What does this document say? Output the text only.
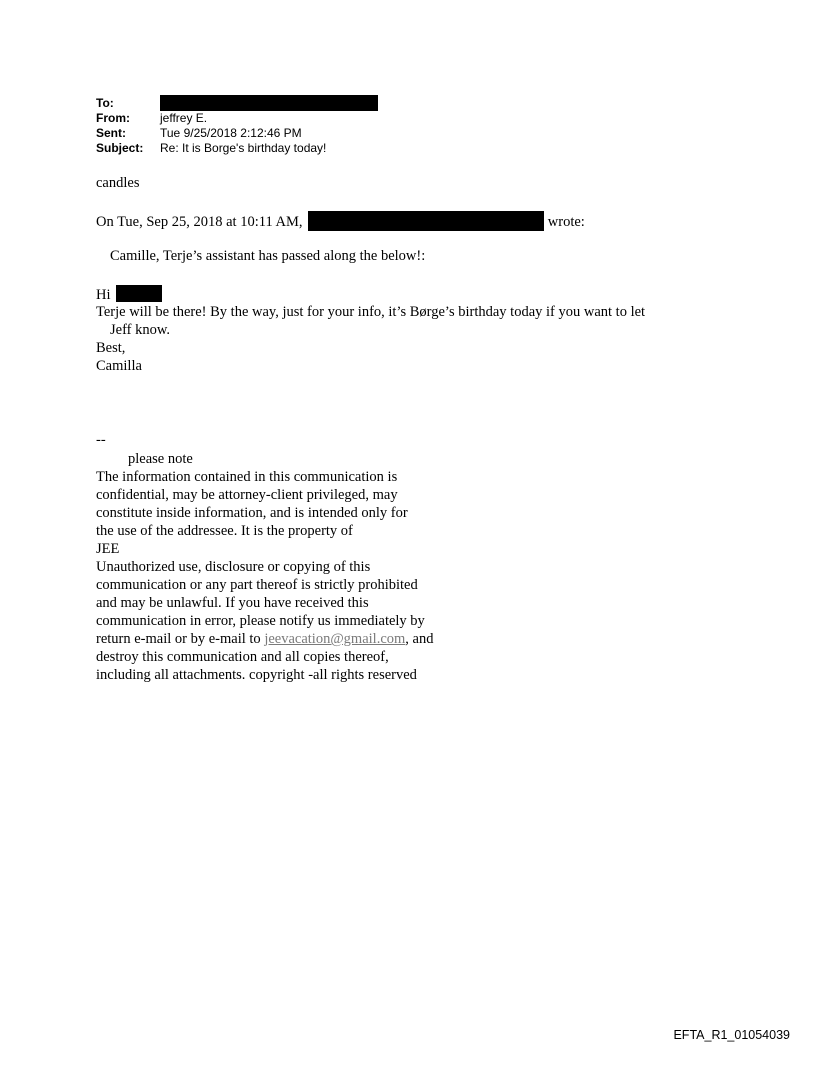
To:
From:	jeffrey E.
Sent:	Tue 9/25/2018 2:12:46 PM
Subject:	Re: It is Borge's birthday today!
candles
On Tue, Sep 25, 2018 at 10:11 AM,	wrote:
Camille, Terje’s assistant has passed along the below!:
Hi
Terje will be there! By the way, just for your info, it’s Børge’s birthday today if you want to let
Jeff know.
Best,
Camilla
--
please note
The information contained in this communication is
confidential, may be attorney-client privileged, may
constitute inside information, and is intended only for
the use of the addressee. It is the property of
JEE
Unauthorized use, disclosure or copying of this
communication or any part thereof is strictly prohibited
and may be unlawful. If you have received this
communication in error, please notify us immediately by
return e-mail or by e-mail to jeevacation@gmail.com, and
destroy this communication and all copies thereof,
including all attachments. copyright -all rights reserved
EFTA_R1_01054039
